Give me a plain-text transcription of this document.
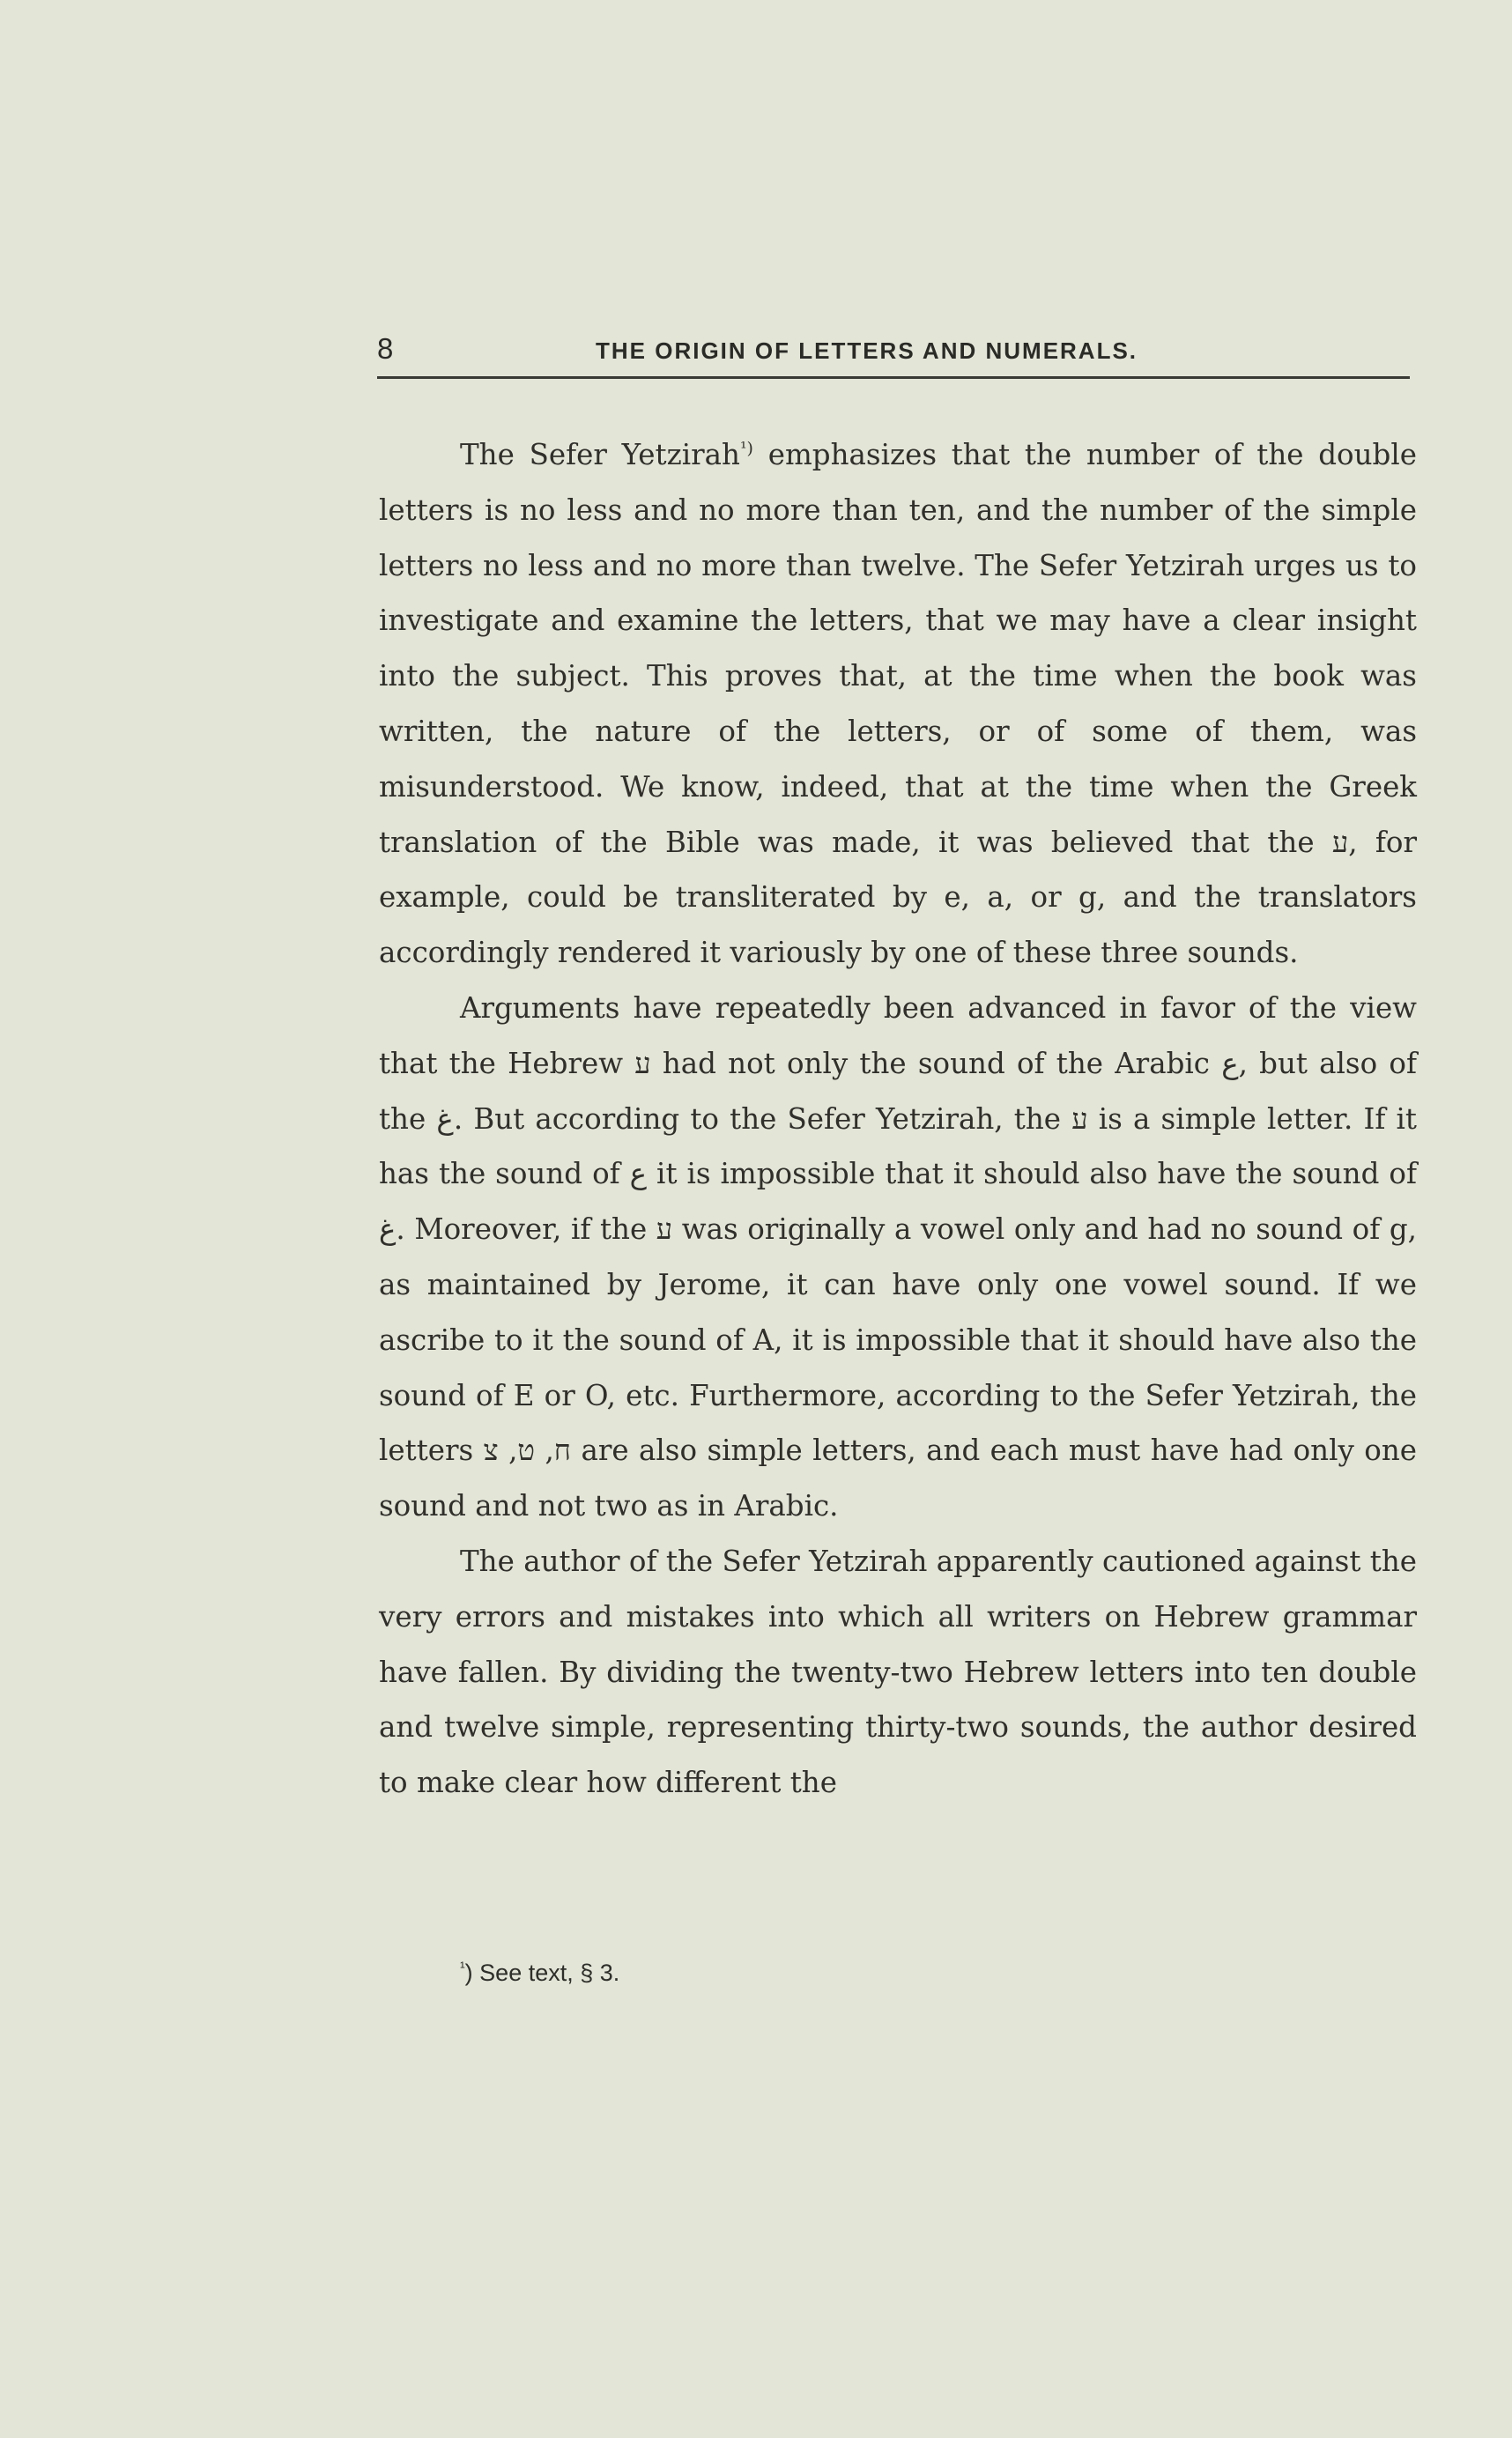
8	THE ORIGIN OF LETTERS AND NUMERALS.

The Sefer Yetzirah$^{^1)}$ emphasizes that the number of the double letters is no less and no more than ten, and the number of the simple letters no less and no more than twelve. The Sefer Yetzirah urges us to investigate and examine the letters, that we may have a clear insight into the subject. This proves that, at the time when the book was written, the nature of the letters, or of some of them, was misunderstood. We know, indeed, that at the time when the Greek translation of the Bible was made, it was believed that the ע, for example, could be transliterated by e, a, or g, and the translators accordingly rendered it variously by one of these three sounds.

Arguments have repeatedly been advanced in favor of the view that the Hebrew ע had not only the sound of the Arabic ع, but also of the غ. But according to the Sefer Yetzirah, the ע is a simple letter. If it has the sound of ع it is impossible that it should also have the sound of غ. Moreover, if the ע was originally a vowel only and had no sound of g, as maintained by Jerome, it can have only one vowel sound. If we ascribe to it the sound of A, it is impossible that it should have also the sound of E or O, etc. Furthermore, according to the Sefer Yetzirah, the letters ח, ט, צ are also simple letters, and each must have had only one sound and not two as in Arabic.

The author of the Sefer Yetzirah apparently cautioned against the very errors and mistakes into which all writers on Hebrew grammar have fallen. By dividing the twenty-two Hebrew letters into ten double and twelve simple, representing thirty-two sounds, the author desired to make clear how different the

$^{^1}$) See text, § 3.
